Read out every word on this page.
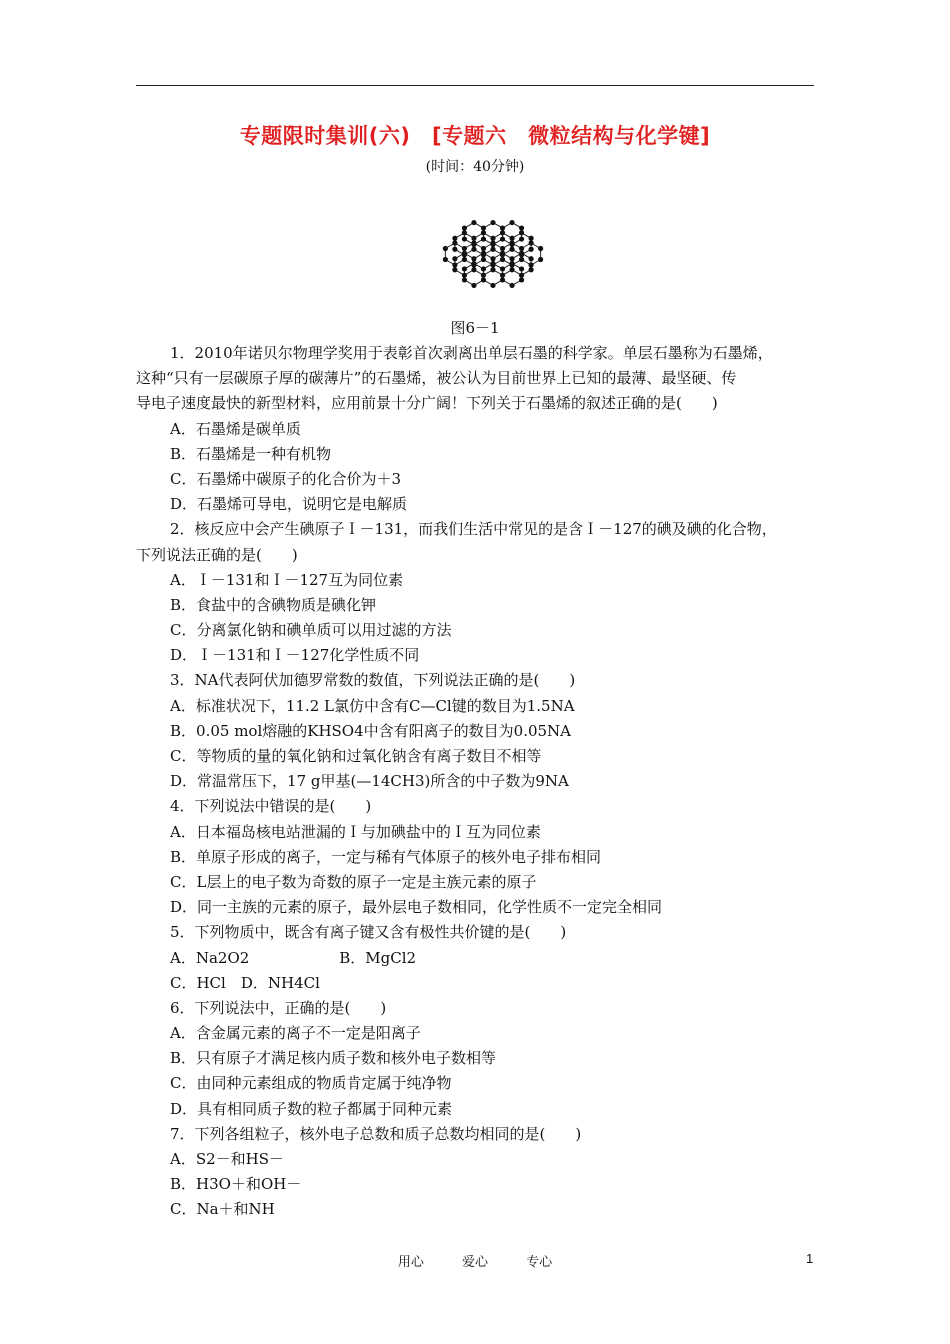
专题限时集训(六)　[专题六　微粒结构与化学键]
(时间：40分钟)
图6－1
1．2010年诺贝尔物理学奖用于表彰首次剥离出单层石墨的科学家。单层石墨称为石墨烯，
这种“只有一层碳原子厚的碳薄片”的石墨烯，被公认为目前世界上已知的最薄、最坚硬、传
导电子速度最快的新型材料，应用前景十分广阔！下列关于石墨烯的叙述正确的是(　　)
A．石墨烯是碳单质
B．石墨烯是一种有机物
C．石墨烯中碳原子的化合价为＋3
D．石墨烯可导电，说明它是电解质
2．核反应中会产生碘原子Ｉ－131，而我们生活中常见的是含Ｉ－127的碘及碘的化合物，
下列说法正确的是(　　)
A．Ｉ－131和Ｉ－127互为同位素
B．食盐中的含碘物质是碘化钾
C．分离氯化钠和碘单质可以用过滤的方法
D．Ｉ－131和Ｉ－127化学性质不同
3．NA代表阿伏加德罗常数的数值，下列说法正确的是(　　)
A．标准状况下，11.2 L氯仿中含有C—Cl键的数目为1.5NA
B．0.05 mol熔融的KHSO4中含有阳离子的数目为0.05NA
C．等物质的量的氧化钠和过氧化钠含有离子数目不相等
D．常温常压下，17 g甲基(—14CH3)所含的中子数为9NA
4．下列说法中错误的是(　　)
A．日本福岛核电站泄漏的Ｉ与加碘盐中的Ｉ互为同位素
B．单原子形成的离子，一定与稀有气体原子的核外电子排布相同
C．L层上的电子数为奇数的原子一定是主族元素的原子
D．同一主族的元素的原子，最外层电子数相同，化学性质不一定完全相同
5．下列物质中，既含有离子键又含有极性共价键的是(　　)
A．Na2O2　　　　　　B．MgCl2
C．HCl　D．NH4Cl
6．下列说法中，正确的是(　　)
A．含金属元素的离子不一定是阳离子
B．只有原子才满足核内质子数和核外电子数相等
C．由同种元素组成的物质肯定属于纯净物
D．具有相同质子数的粒子都属于同种元素
7．下列各组粒子，核外电子总数和质子总数均相同的是(　　)
A．S2－和HS－
B．H3O＋和OH－
C．Na＋和NH
用心 爱心 专心	1
